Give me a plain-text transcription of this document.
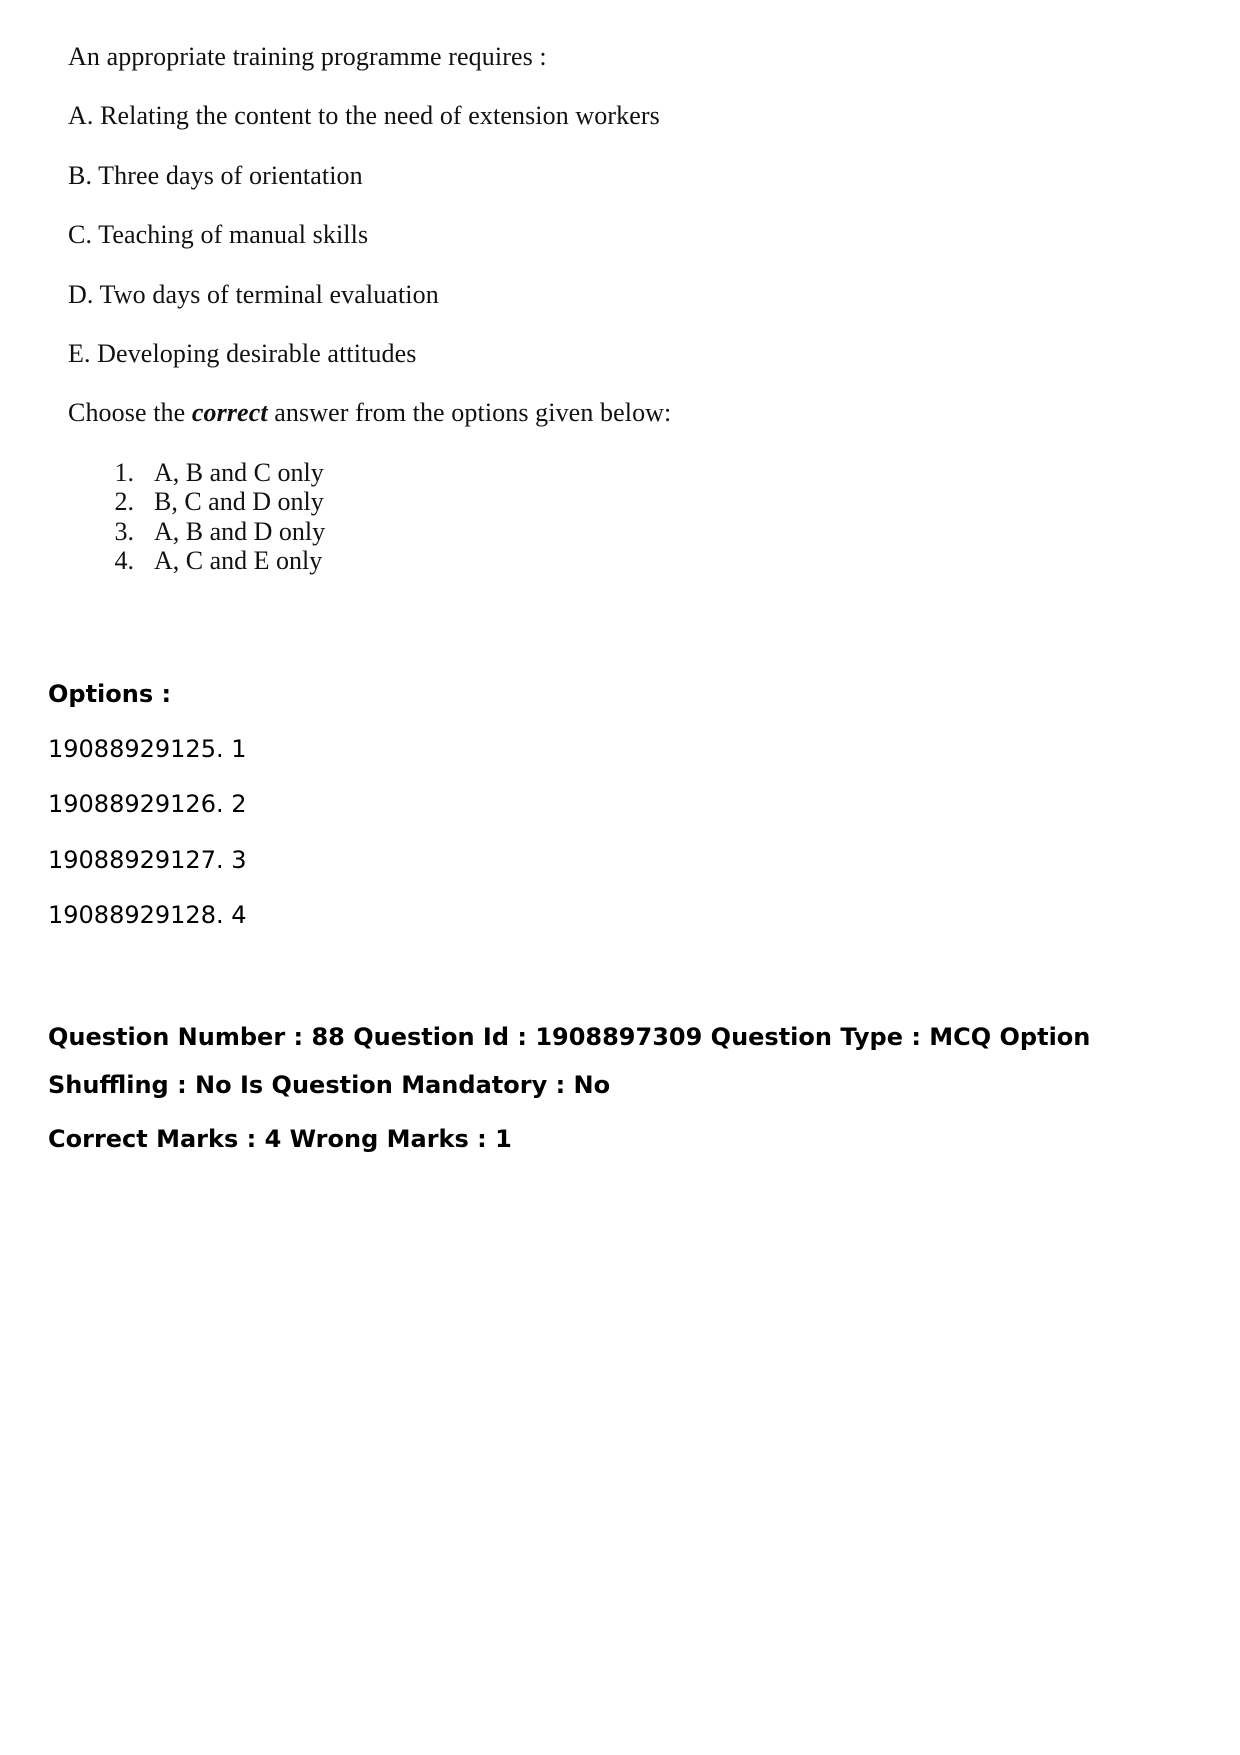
An appropriate training programme requires :
A. Relating the content to the need of extension workers
B. Three days of orientation
C. Teaching of manual skills
D. Two days of terminal evaluation
E. Developing desirable attitudes
Choose the correct answer from the options given below:
1. A, B and C only
2. B, C and D only
3. A, B and D only
4. A, C and E only
Options :
19088929125. 1
19088929126. 2
19088929127. 3
19088929128. 4
Question Number : 88 Question Id : 1908897309 Question Type : MCQ Option Shuffling : No Is Question Mandatory : No
Correct Marks : 4 Wrong Marks : 1
